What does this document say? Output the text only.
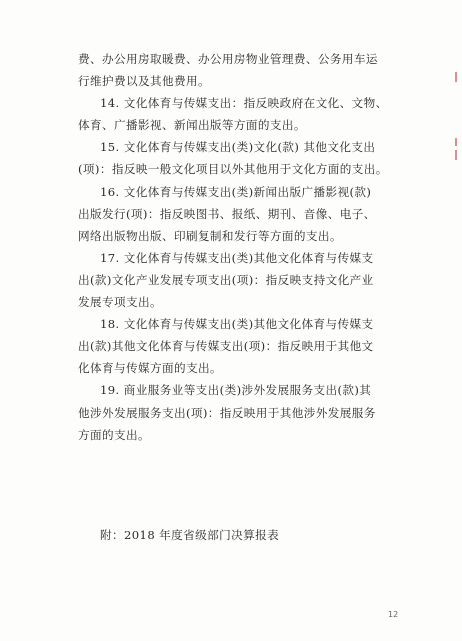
费、办公用房取暖费、办公用房物业管理费、公务用车运
行维护费以及其他费用。
14. 文化体育与传媒支出：指反映政府在文化、文物、
体育、广播影视、新闻出版等方面的支出。
15. 文化体育与传媒支出(类)文化(款) 其他文化支出
(项)：指反映一般文化项目以外其他用于文化方面的支出。
16. 文化体育与传媒支出(类)新闻出版广播影视(款)
出版发行(项)：指反映图书、报纸、期刊、音像、电子、
网络出版物出版、印刷复制和发行等方面的支出。
17. 文化体育与传媒支出(类)其他文化体育与传媒支
出(款)文化产业发展专项支出(项)：指反映支持文化产业
发展专项支出。
18. 文化体育与传媒支出(类)其他文化体育与传媒支
出(款)其他文化体育与传媒支出(项)：指反映用于其他文
化体育与传媒方面的支出。
19. 商业服务业等支出(类)涉外发展服务支出(款)其
他涉外发展服务支出(项)：指反映用于其他涉外发展服务
方面的支出。
附：2018 年度省级部门决算报表
12
